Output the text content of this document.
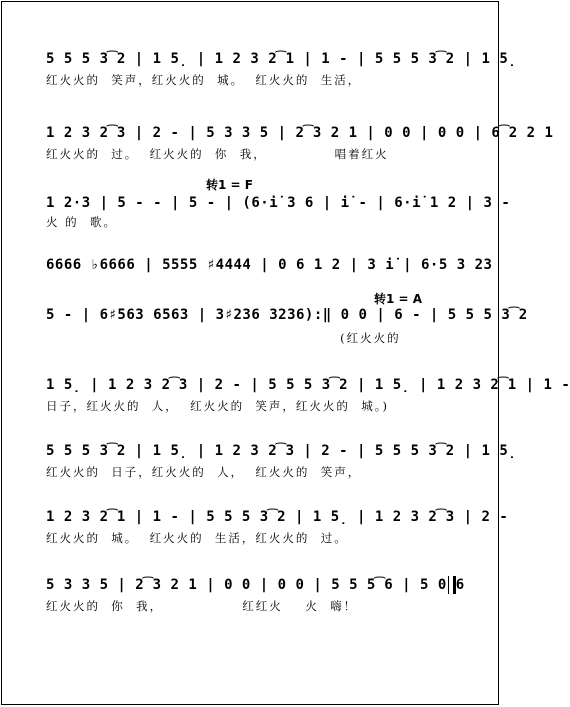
5 5 5 3͡2 | 1 5̣ | 1 2 3 2͡1 | 1 - | 5 5 5 3͡2 | 1 5̣
红火火的  笑声，红火火的  城。  红火火的  生活，
1 2 3 2͡3 | 2 - | 5 3 3 5 | 2͡3 2 1 | 0 0 | 0 0 | 6͡2 2 1
红火火的  过。  红火火的  你  我，            唱着红火
转1 = F
1 2·3 | 5 - - | 5 - | (6·i̇ 3 6 | i̇ - | 6·i̇ 1 2 | 3 -
火 的  歌。
6666 ♭6666 | 5555 ♯4444 | 0 6 1 2 | 3 i̇ | 6·5 3 23
转1 = A
5 - | 6♯563 6563 | 3♯236 3236):‖ 0 0 | 6 - | 5 5 5 3͡2
(红火火的
1 5̣ | 1 2 3 2͡3 | 2 - | 5 5 5 3͡2 | 1 5̣ | 1 2 3 2͡1 | 1 -
日子，红火火的  人，  红火火的  笑声，红火火的  城。)
5 5 5 3͡2 | 1 5̣ | 1 2 3 2͡3 | 2 - | 5 5 5 3͡2 | 1 5̣
红火火的  日子，红火火的  人，  红火火的  笑声，
1 2 3 2͡1 | 1 - | 5 5 5 3͡2 | 1 5̣ | 1 2 3 2͡3 | 2 -
红火火的  城。  红火火的  生活，红火火的  过。
5 3 3 5 | 2͡3 2 1 | 0 0 | 0 0 | 5 5 5͡6 | 5 0 6
红火火的  你  我，              红红火    火  嗨！
